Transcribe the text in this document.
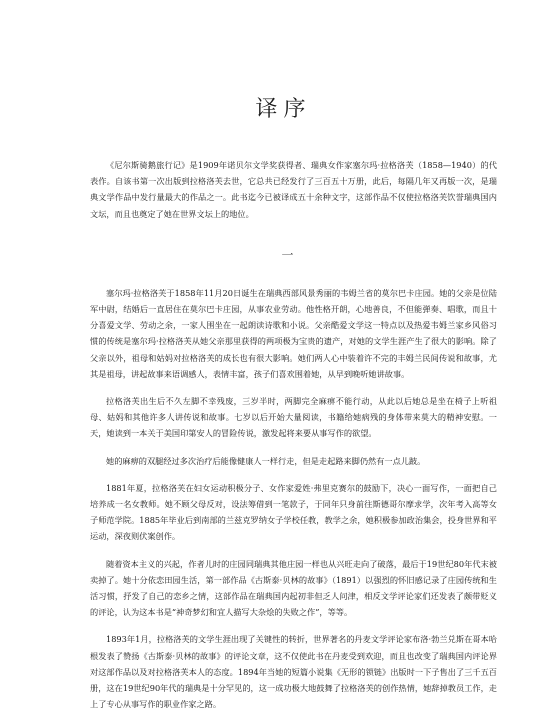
译序

《尼尔斯骑鹅旅行记》是1909年诺贝尔文学奖获得者、瑞典女作家塞尔玛·拉格洛芙（1858—1940）的代表作。自该书第一次出版到拉格洛芙去世，它总共已经发行了三百五十万册，此后，每隔几年又再版一次，是瑞典文学作品中发行量最大的作品之一。此书迄今已被译成五十余种文字，这部作品不仅使拉格洛芙饮誉瑞典国内文坛，而且也奠定了她在世界文坛上的地位。

一

塞尔玛·拉格洛芙于1858年11月20日诞生在瑞典西部风景秀丽的韦姆兰省的莫尔巴卡庄园。她的父亲是位陆军中尉，结婚后一直居住在莫尔巴卡庄园，从事农业劳动。他性格开朗，心地善良，不但能弹奏、唱歌，而且十分喜爱文学、劳动之余，一家人围坐在一起朗读诗歌和小说。父亲酷爱文学这一特点以及热爱韦姆兰家乡风俗习惯的传统是塞尔玛·拉格洛芙从她父亲那里获得的两项极为宝贵的遗产，对她的文学生涯产生了很大的影响。除了父亲以外，祖母和姑妈对拉格洛芙的成长也有很大影响。她们两人心中装着许不完的丰姆兰民间传说和故事，尤其是祖母，讲起故事来语调感人，表情丰富，孩子们喜欢围着她，从早到晚听她讲故事。

拉格洛芙出生后不久左脚不幸残废，三岁半时，两脚完全麻痹不能行动，从此以后她总是坐在椅子上听祖母、姑妈和其他许多人讲传说和故事。七岁以后开始大量阅读，书籍给她病残的身体带来莫大的精神安慰。一天，她读到一本关于美国印第安人的冒险传说，激发起将来要从事写作的欲望。

她的麻痹的双腿经过多次治疗后能像健康人一样行走，但是走起路来脚仍然有一点儿跛。

1881年夏，拉格洛芙在妇女运动积极分子、女作家爱姓·弗里克赛尔的鼓励下，决心一面写作，一面把自己培养成一名女教师。她不顾父母反对，设法筹借到一笔款子，于同年只身前往斯德哥尔摩求学，次年考入高等女子师范学院。1885年毕业后到南部的兰兹克罗纳女子学校任教，教学之余，她积极参加政治集会，投身世界和平运动，深夜则伏案创作。

随着资本主义的兴起，作者儿时的庄园同瑞典其他庄园一样也从兴旺走向了破落，最后于19世纪80年代末被卖掉了。她十分依恋田园生活，第一部作品《古斯泰·贝林的故事》（1891）以强烈的怀旧感记录了庄园传统和生活习惯，抒发了自己的恋乡之情，这部作品在瑞典国内起初非但乏人问津，相反文学评论家们还发表了颇带贬义的评论，认为这本书是“神奇梦幻和宜人描写大杂烩的失败之作”，等等。

1893年1月，拉格洛芙的文学生涯出现了关键性的转折，世界著名的丹麦文学评论家布洛·勃兰兑斯在哥本哈根发表了赞扬《古斯泰·贝林的故事》的评论文章，这不仅使此书在丹麦受到欢迎，而且也改变了瑞典国内评论界对这部作品以及对拉格洛芙本人的态度。1894年当她的短篇小说集《无形的锁链》出版时一下子售出了三千五百册，这在19世纪90年代的瑞典是十分罕见的，这一成功极大地鼓舞了拉格洛芙的创作热情，她辞掉教员工作，走上了专心从事写作的职业作家之路。
